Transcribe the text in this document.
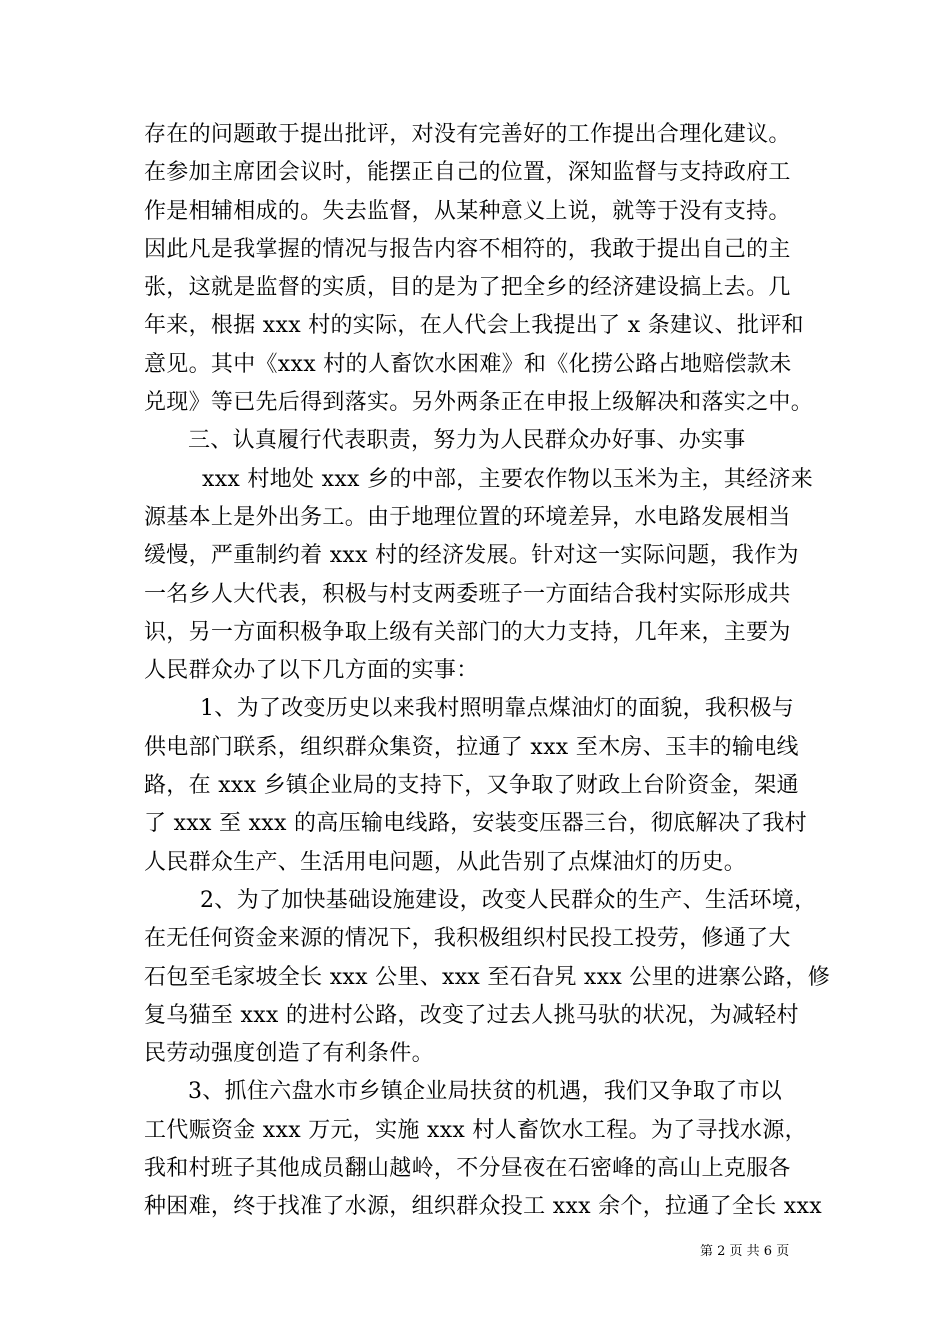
存在的问题敢于提出批评，对没有完善好的工作提出合理化建议。
在参加主席团会议时，能摆正自己的位置，深知监督与支持政府工
作是相辅相成的。失去监督，从某种意义上说，就等于没有支持。
因此凡是我掌握的情况与报告内容不相符的，我敢于提出自己的主
张，这就是监督的实质，目的是为了把全乡的经济建设搞上去。几
年来，根据 xxx 村的实际，在人代会上我提出了 x 条建议、批评和
意见。其中《xxx 村的人畜饮水困难》和《化捞公路占地赔偿款未
兑现》等已先后得到落实。另外两条正在申报上级解决和落实之中。
三、认真履行代表职责，努力为人民群众办好事、办实事
xxx 村地处 xxx 乡的中部，主要农作物以玉米为主，其经济来
源基本上是外出务工。由于地理位置的环境差异，水电路发展相当
缓慢，严重制约着 xxx 村的经济发展。针对这一实际问题，我作为
一名乡人大代表，积极与村支两委班子一方面结合我村实际形成共
识，另一方面积极争取上级有关部门的大力支持，几年来，主要为
人民群众办了以下几方面的实事：
1、为了改变历史以来我村照明靠点煤油灯的面貌，我积极与
供电部门联系，组织群众集资，拉通了 xxx 至木房、玉丰的输电线
路，在 xxx 乡镇企业局的支持下，又争取了财政上台阶资金，架通
了 xxx 至 xxx 的高压输电线路，安装变压器三台，彻底解决了我村
人民群众生产、生活用电问题，从此告别了点煤油灯的历史。
2、为了加快基础设施建设，改变人民群众的生产、生活环境，
在无任何资金来源的情况下，我积极组织村民投工投劳，修通了大
石包至毛家坡全长 xxx 公里、xxx 至石旮旯 xxx 公里的进寨公路，修
复乌猫至 xxx 的进村公路，改变了过去人挑马驮的状况，为减轻村
民劳动强度创造了有利条件。
3、抓住六盘水市乡镇企业局扶贫的机遇，我们又争取了市以
工代赈资金 xxx 万元，实施 xxx 村人畜饮水工程。为了寻找水源，
我和村班子其他成员翻山越岭，不分昼夜在石密峰的高山上克服各
种困难，终于找准了水源，组织群众投工 xxx 余个，拉通了全长 xxx
第 2 页 共 6 页
